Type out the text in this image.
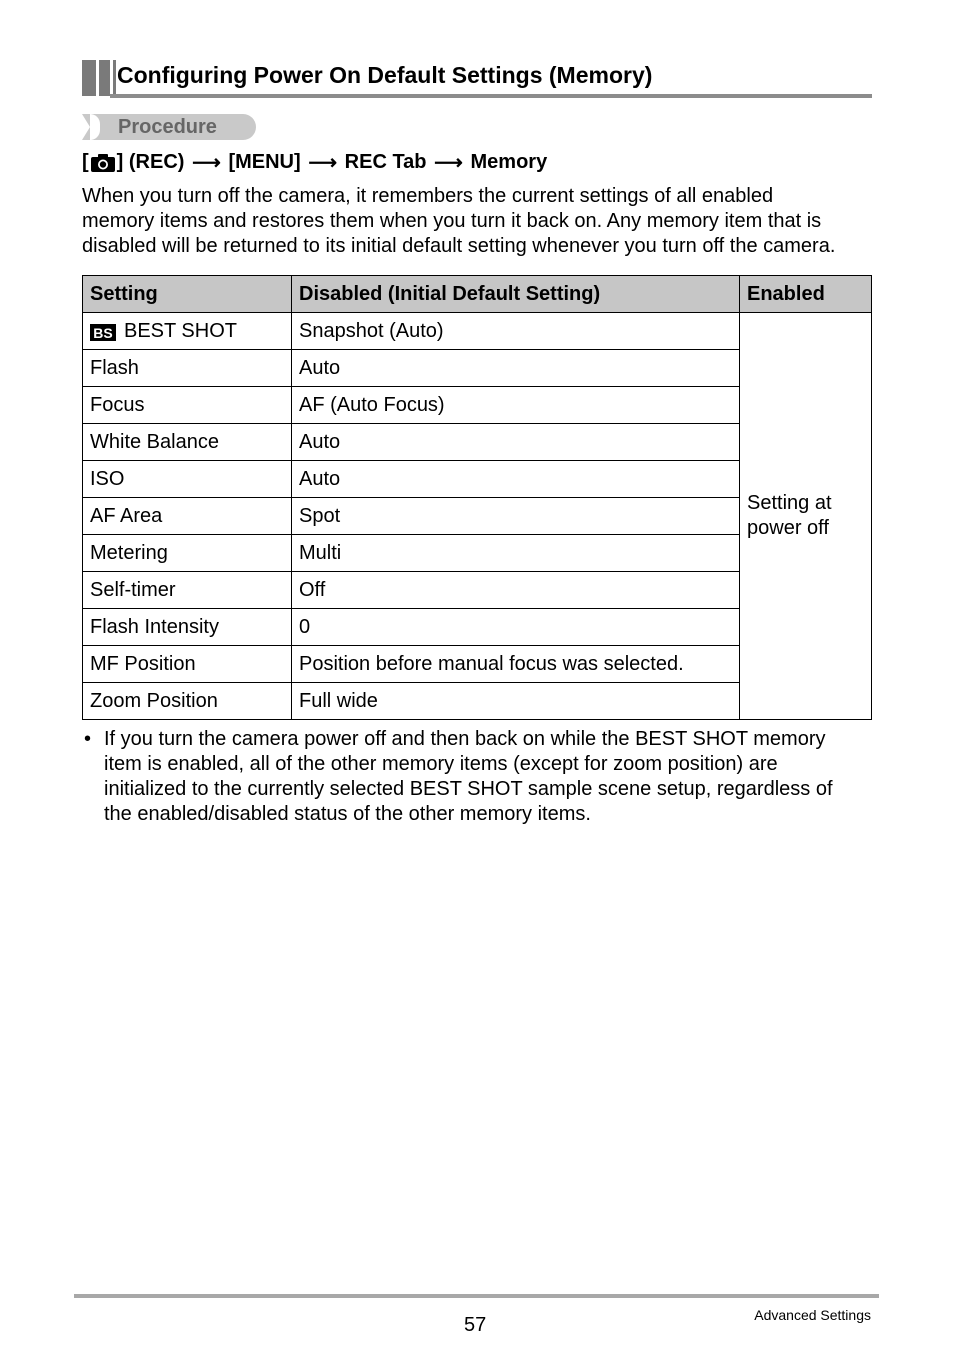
Configuring Power On Default Settings (Memory)
Procedure
[ ] (REC) ⟶ [MENU] ⟶ REC Tab ⟶ Memory

When you turn off the camera, it remembers the current settings of all enabled

memory items and restores them when you turn it back on. Any memory item that is

disabled will be returned to its initial default setting whenever you turn off the camera.

Setting	Disabled (Initial Default Setting)	Enabled
BS BEST SHOT	Snapshot (Auto)	Setting at
power off

Flash	Auto	
Focus	AF (Auto Focus)	
White Balance	Auto	
ISO	Auto	
AF Area	Spot	
Metering	Multi	
Self-timer	Off	
Flash Intensity	0	
MF Position	Position before manual focus was selected.	
Zoom Position	Full wide	
• If you turn the camera power off and then back on while the BEST SHOT memory

item is enabled, all of the other memory items (except for zoom position) are

initialized to the currently selected BEST SHOT sample scene setup, regardless of

the enabled/disabled status of the other memory items.

57	Advanced Settings
